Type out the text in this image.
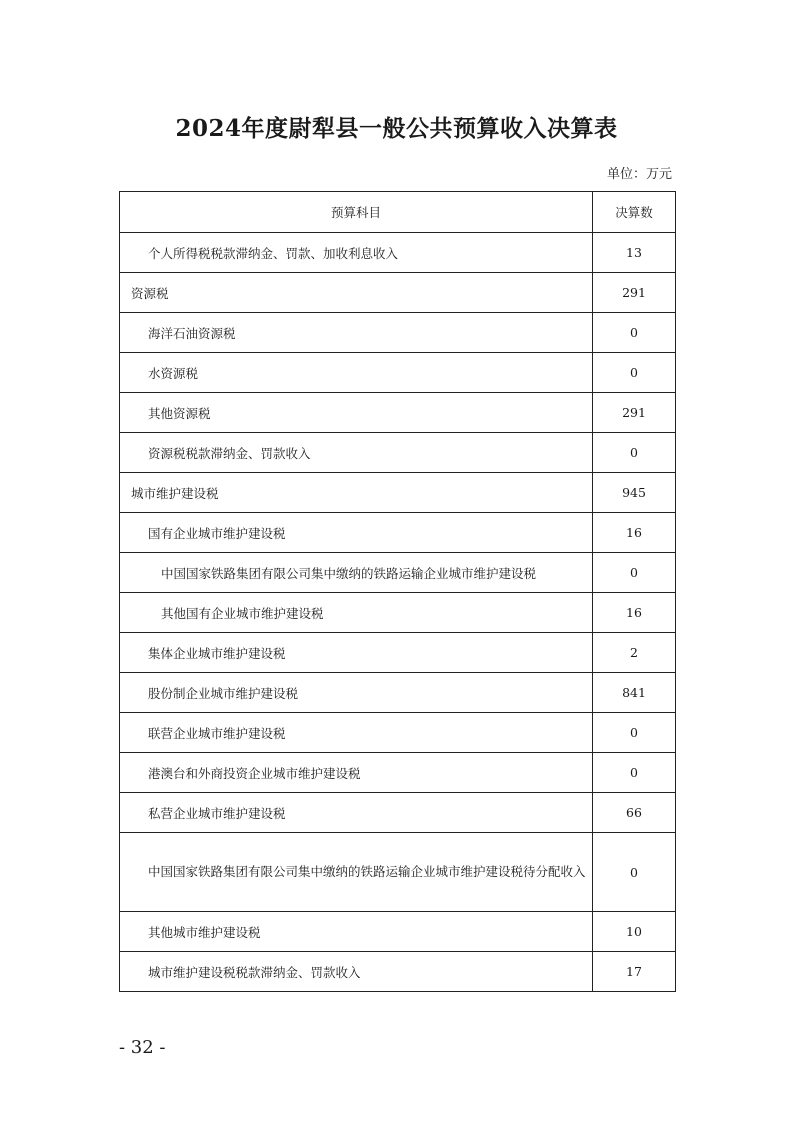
2024年度尉犁县一般公共预算收入决算表
单位：万元
预算科目	决算数
个人所得税税款滞纳金、罚款、加收利息收入	13
资源税	291
海洋石油资源税	0
水资源税	0
其他资源税	291
资源税税款滞纳金、罚款收入	0
城市维护建设税	945
国有企业城市维护建设税	16
中国国家铁路集团有限公司集中缴纳的铁路运输企业城市维护建设税	0
其他国有企业城市维护建设税	16
集体企业城市维护建设税	2
股份制企业城市维护建设税	841
联营企业城市维护建设税	0
港澳台和外商投资企业城市维护建设税	0
私营企业城市维护建设税	66
中国国家铁路集团有限公司集中缴纳的铁路运输企业城市维护建设税待分配收入	0
其他城市维护建设税	10
城市维护建设税税款滞纳金、罚款收入	17
- 32 -
